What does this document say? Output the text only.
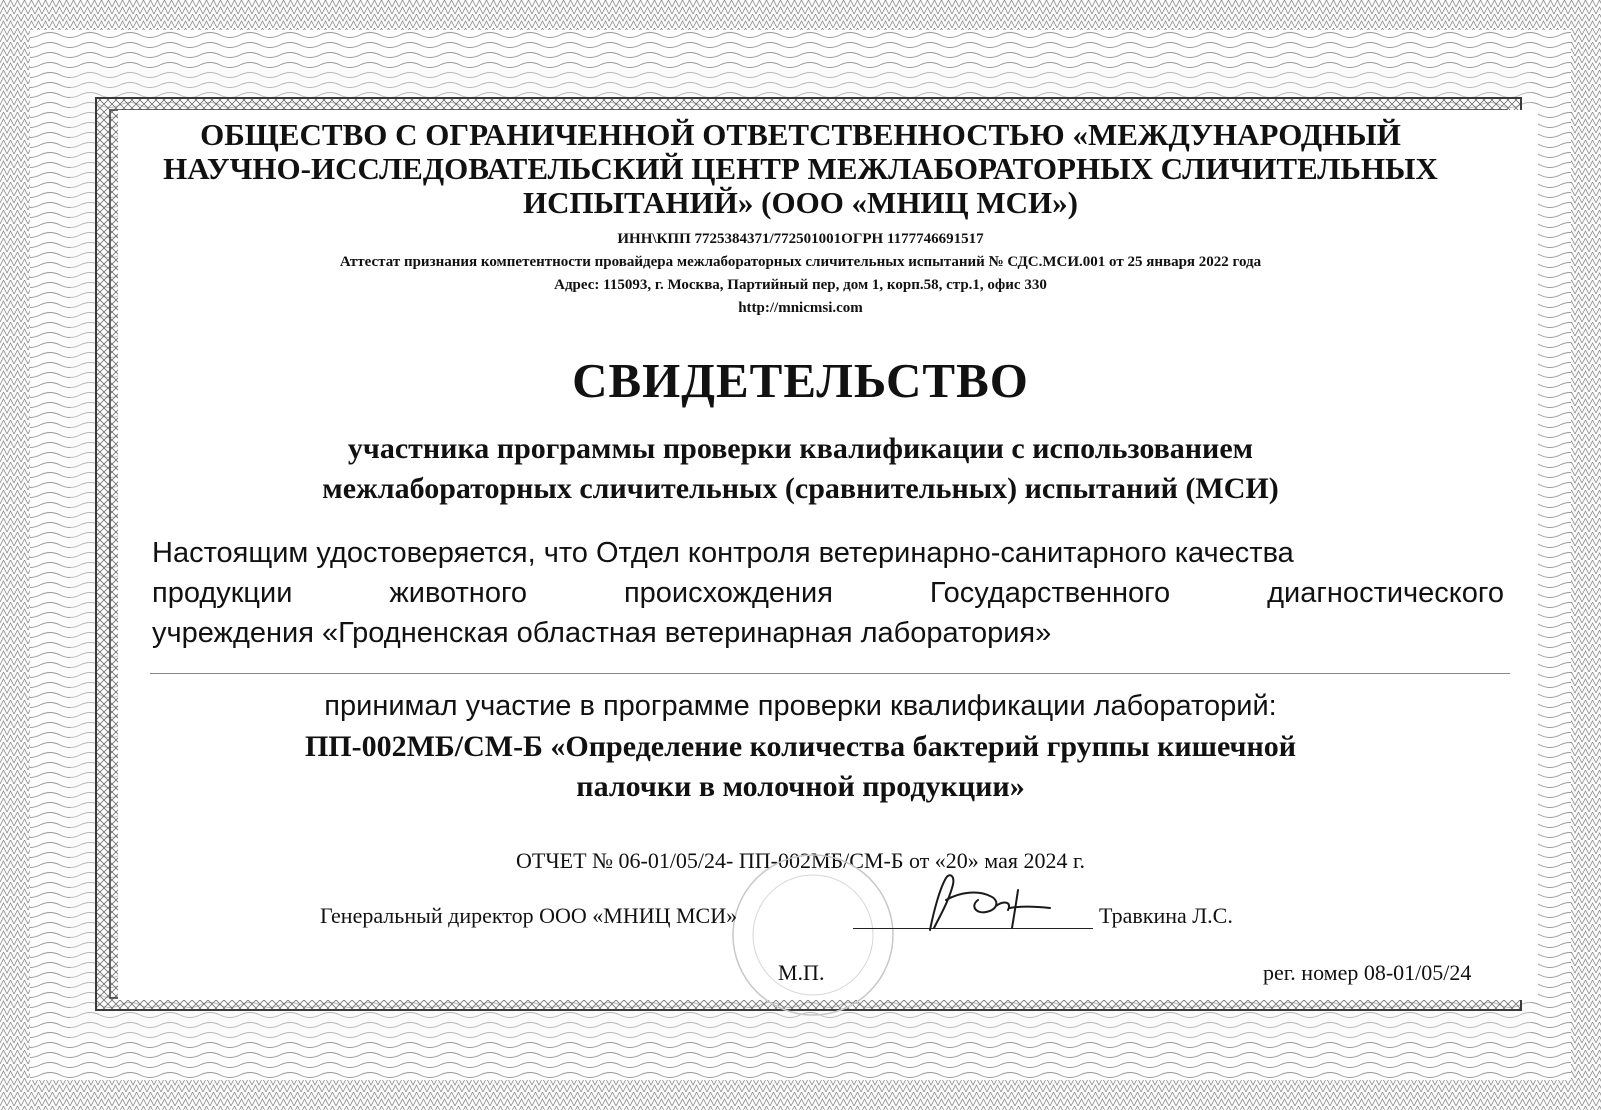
ОБЩЕСТВО С ОГРАНИЧЕННОЙ ОТВЕТСТВЕННОСТЬЮ «МЕЖДУНАРОДНЫЙ
НАУЧНО-ИССЛЕДОВАТЕЛЬСКИЙ ЦЕНТР МЕЖЛАБОРАТОРНЫХ СЛИЧИТЕЛЬНЫХ
ИСПЫТАНИЙ» (ООО «МНИЦ МСИ»)
ИНН\КПП 7725384371/772501001ОГРН 1177746691517
Аттестат признания компетентности провайдера межлабораторных сличительных испытаний № СДС.МСИ.001 от 25 января 2022 года
Адрес: 115093, г. Москва, Партийный пер, дом 1, корп.58, стр.1, офис 330
http://mnicmsi.com
СВИДЕТЕЛЬСТВО
участника программы проверки квалификации с использованием
межлабораторных сличительных (сравнительных) испытаний (МСИ)
Настоящим удостоверяется, что Отдел контроля ветеринарно-санитарного качества
продукции	животного	происхождения	Государственного	диагностического
учреждения «Гродненская областная ветеринарная лаборатория»
принимал участие в программе проверки квалификации лабораторий:
ПП-002МБ/СМ-Б «Определение количества бактерий группы кишечной
палочки в молочной продукции»
ОТЧЕТ № 06-01/05/24- ПП-002МБ/СМ-Б от «20» мая 2024 г.
Генеральный директор ООО «МНИЦ МСИ»	Травкина Л.С.
М.П.	рег. номер 08-01/05/24
